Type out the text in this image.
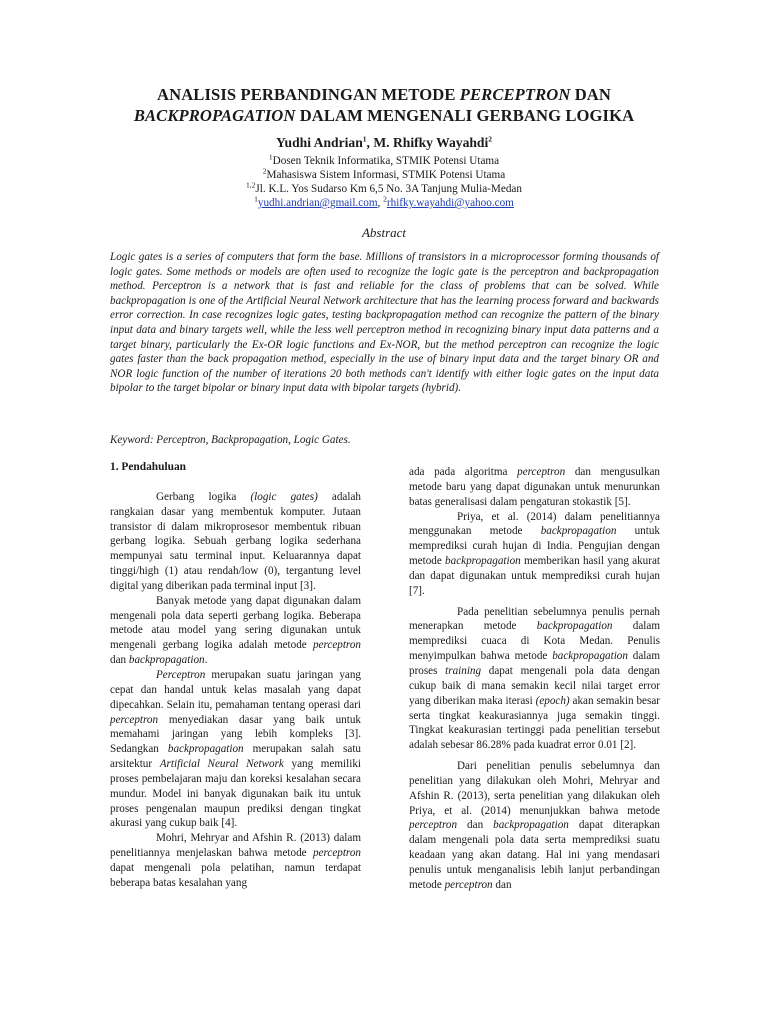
ANALISIS PERBANDINGAN METODE PERCEPTRON DAN
BACKPROPAGATION DALAM MENGENALI GERBANG LOGIKA
Yudhi Andrian$^1$, M. Rhifky Wayahdi$^2$
$^1$Dosen Teknik Informatika, STMIK Potensi Utama
$^2$Mahasiswa Sistem Informasi, STMIK Potensi Utama
$^{1,2}$Jl. K.L. Yos Sudarso Km 6,5 No. 3A Tanjung Mulia-Medan
$^1$yudhi.andrian@gmail.com, $^2$rhifky.wayahdi@yahoo.com
Abstract
Logic gates is a series of computers that form the base. Millions of transistors in a microprocessor forming thousands of logic gates. Some methods or models are often used to recognize the logic gate is the perceptron and backpropagation method. Perceptron is a network that is fast and reliable for the class of problems that can be solved. While backpropagation is one of the Artificial Neural Network architecture that has the learning process forward and backwards error correction. In case recognizes logic gates, testing backpropagation method can recognize the pattern of the binary input data and binary targets well, while the less well perceptron method in recognizing binary input data patterns and a target binary, particularly the Ex-OR logic functions and Ex-NOR, but the method perceptron can recognize the logic gates faster than the back propagation method, especially in the use of binary input data and the target binary OR and NOR logic function of the number of iterations 20 both methods can't identify with either logic gates on the input data bipolar to the target bipolar or binary input data with bipolar targets (hybrid).
Keyword: Perceptron, Backpropagation, Logic Gates.
1. Pendahuluan

Gerbang logika (logic gates) adalah rangkaian dasar yang membentuk komputer. Jutaan transistor di dalam mikroprosesor membentuk ribuan gerbang logika. Sebuah gerbang logika sederhana mempunyai satu terminal input. Keluarannya dapat tinggi/high (1) atau rendah/low (0), tergantung level digital yang diberikan pada terminal input [3].

Banyak metode yang dapat digunakan dalam mengenali pola data seperti gerbang logika. Beberapa metode atau model yang sering digunakan untuk mengenali gerbang logika adalah metode perceptron dan backpropagation.

Perceptron merupakan suatu jaringan yang cepat dan handal untuk kelas masalah yang dapat dipecahkan. Selain itu, pemahaman tentang operasi dari perceptron menyediakan dasar yang baik untuk memahami jaringan yang lebih kompleks [3]. Sedangkan backpropagation merupakan salah satu arsitektur Artificial Neural Network yang memiliki proses pembelajaran maju dan koreksi kesalahan secara mundur. Model ini banyak digunakan baik itu untuk proses pengenalan maupun prediksi dengan tingkat akurasi yang cukup baik [4].

Mohri, Mehryar and Afshin R. (2013) dalam penelitiannya menjelaskan bahwa metode perceptron dapat mengenali pola pelatihan, namun terdapat beberapa batas kesalahan yang

ada pada algoritma perceptron dan mengusulkan metode baru yang dapat digunakan untuk menurunkan batas generalisasi dalam pengaturan stokastik [5].

Priya, et al. (2014) dalam penelitiannya menggunakan metode backpropagation untuk memprediksi curah hujan di India. Pengujian dengan metode backpropagation memberikan hasil yang akurat dan dapat digunakan untuk memprediksi curah hujan [7].

Pada penelitian sebelumnya penulis pernah menerapkan metode backpropagation dalam memprediksi cuaca di Kota Medan. Penulis menyimpulkan bahwa metode backpropagation dalam proses training dapat mengenali pola data dengan cukup baik di mana semakin kecil nilai target error yang diberikan maka iterasi (epoch) akan semakin besar serta tingkat keakurasiannya juga semakin tinggi. Tingkat keakurasian tertinggi pada penelitian tersebut adalah sebesar 86.28% pada kuadrat error 0.01 [2].

Dari penelitian penulis sebelumnya dan penelitian yang dilakukan oleh Mohri, Mehryar and Afshin R. (2013), serta penelitian yang dilakukan oleh Priya, et al. (2014) menunjukkan bahwa metode perceptron dan backpropagation dapat diterapkan dalam mengenali pola data serta memprediksi suatu keadaan yang akan datang. Hal ini yang mendasari penulis untuk menganalisis lebih lanjut perbandingan metode perceptron dan
